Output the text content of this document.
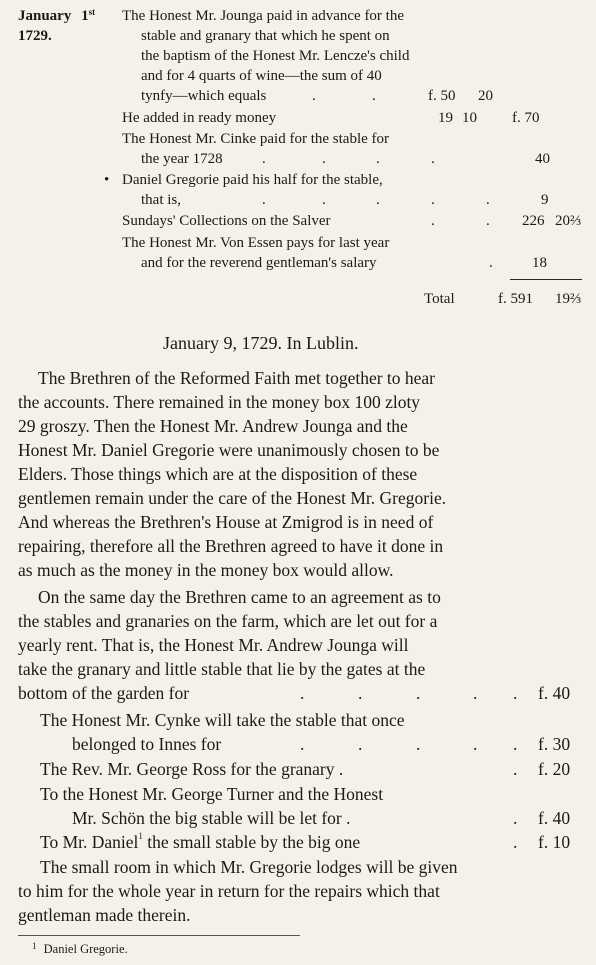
January 1st
1729.
The Honest Mr. Jounga paid in advance for the
stable and granary that which he spent on
the baptism of the Honest Mr. Lencze's child
and for 4 quarts of wine—the sum of 40
tynfy—which equals	.	.	f. 50 20
He added in ready money	19 10 f. 70
The Honest Mr. Cinke paid for the stable for
the year 1728	.	.	.	.	40
• Daniel Gregorie paid his half for the stable,
that is,	.	.	.	.	.	9
Sundays' Collections on the Salver	.	. 226 20⅔
The Honest Mr. Von Essen pays for last year
and for the reverend gentleman's salary	.	18
Total	f. 591 19⅔
January 9, 1729. In Lublin.
The Brethren of the Reformed Faith met together to hear
the accounts. There remained in the money box 100 zloty
29 groszy. Then the Honest Mr. Andrew Jounga and the
Honest Mr. Daniel Gregorie were unanimously chosen to be
Elders. Those things which are at the disposition of these
gentlemen remain under the care of the Honest Mr. Gregorie.
And whereas the Brethren's House at Zmigrod is in need of
repairing, therefore all the Brethren agreed to have it done in
as much as the money in the money box would allow.
On the same day the Brethren came to an agreement as to
the stables and granaries on the farm, which are let out for a
yearly rent. That is, the Honest Mr. Andrew Jounga will
take the granary and little stable that lie by the gates at the
bottom of the garden for	.	.	.	. . f. 40
The Honest Mr. Cynke will take the stable that once
belonged to Innes for	.	.	.	. . f. 30
The Rev. Mr. George Ross for the granary .	. f. 20
To the Honest Mr. George Turner and the Honest
Mr. Schön the big stable will be let for .	. f. 40
To Mr. Daniel$^1$ the small stable by the big one	. f. 10
The small room in which Mr. Gregorie lodges will be given
to him for the whole year in return for the repairs which that
gentleman made therein.
$^1$ Daniel Gregorie.
